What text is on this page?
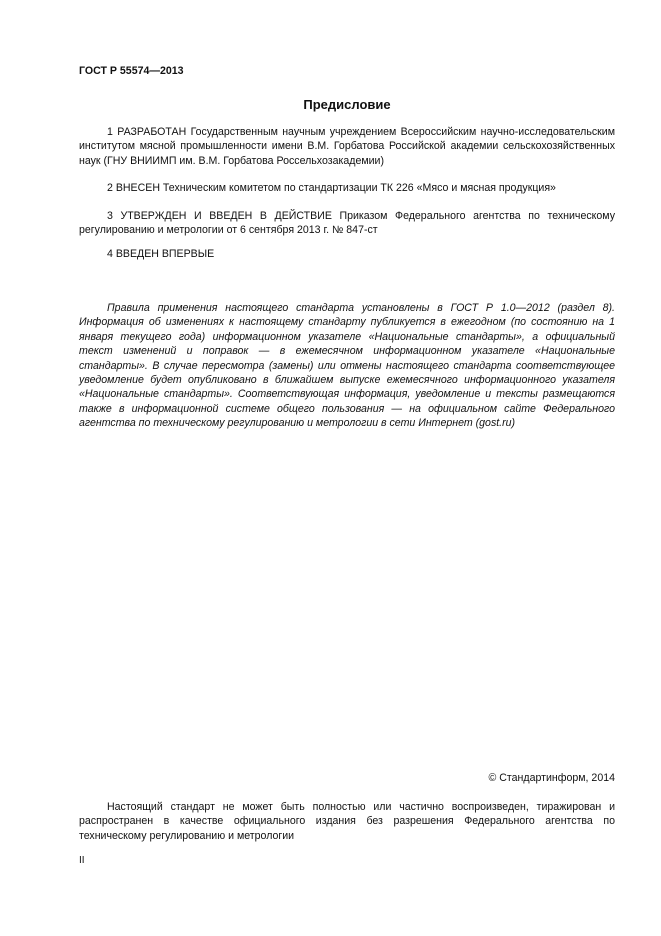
ГОСТ Р 55574—2013
Предисловие

1 РАЗРАБОТАН Государственным научным учреждением Всероссийским научно-исследовательским институтом мясной промышленности имени В.М. Горбатова Российской академии сельскохозяйственных наук (ГНУ ВНИИМП им. В.М. Горбатова Россельхозакадемии)

2 ВНЕСЕН Техническим комитетом по стандартизации ТК 226 «Мясо и мясная продукция»

3 УТВЕРЖДЕН И ВВЕДЕН В ДЕЙСТВИЕ Приказом Федерального агентства по техническому регулированию и метрологии от 6 сентября 2013 г. № 847-ст

4 ВВЕДЕН ВПЕРВЫЕ

Правила применения настоящего стандарта установлены в ГОСТ Р 1.0—2012 (раздел 8). Информация об изменениях к настоящему стандарту публикуется в ежегодном (по состоянию на 1 января текущего года) информационном указателе «Национальные стандарты», а официальный текст изменений и поправок — в ежемесячном информационном указателе «Национальные стандарты». В случае пересмотра (замены) или отмены настоящего стандарта соответствующее уведомление будет опубликовано в ближайшем выпуске ежемесячного информационного указателя «Национальные стандарты». Соответствующая информация, уведомление и тексты размещаются также в информационной системе общего пользования — на официальном сайте Федерального агентства по техническому регулированию и метрологии в сети Интернет (gost.ru)

© Стандартинформ, 2014

Настоящий стандарт не может быть полностью или частично воспроизведен, тиражирован и распространен в качестве официального издания без разрешения Федерального агентства по техническому регулированию и метрологии

II
